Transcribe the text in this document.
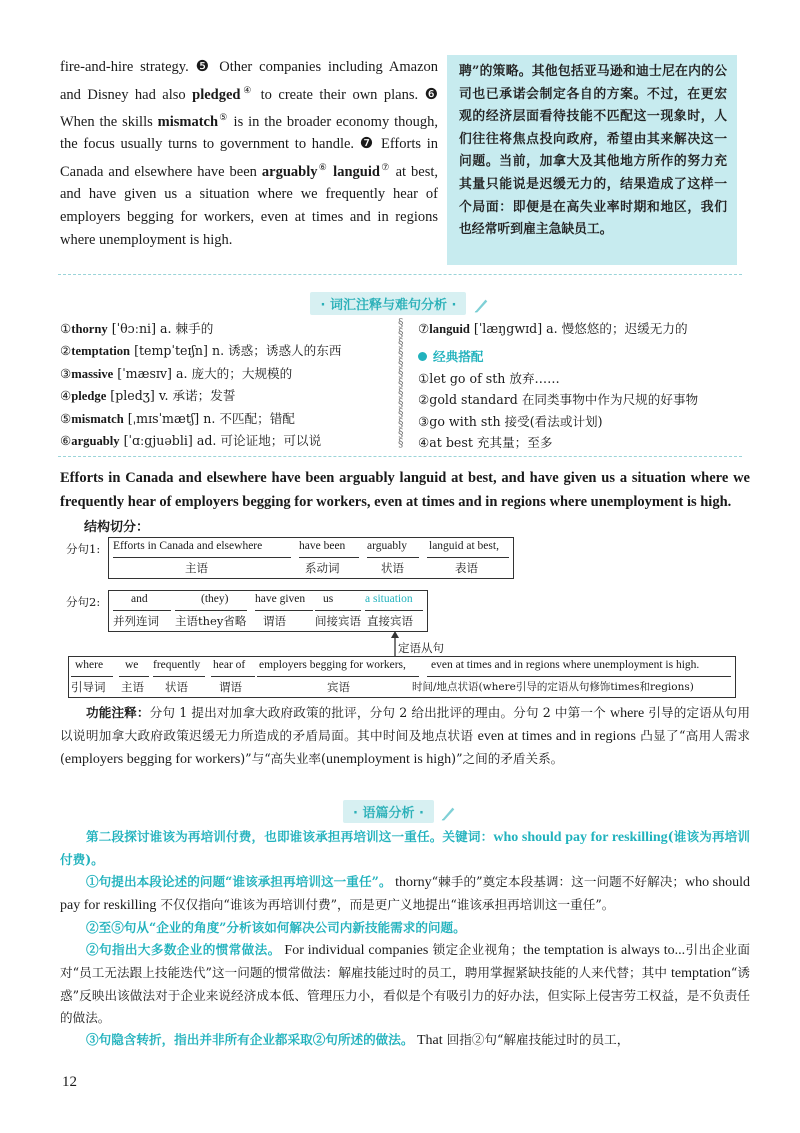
fire-and-hire strategy. ❺ Other companies including Amazon and Disney had also pledged④ to create their own plans. ❻ When the skills mismatch⑤ is in the broader economy though, the focus usually turns to government to handle. ❼ Efforts in Canada and elsewhere have been arguably⑥ languid⑦ at best, and have given us a situation where we frequently hear of employers begging for workers, even at times and in regions where unemployment is high.
聘”的策略。其他包括亚马逊和迪士尼在内的公司也已承诺会制定各自的方案。不过，在更宏观的经济层面看待技能不匹配这一现象时，人们往往将焦点投向政府，希望由其来解决这一问题。当前，加拿大及其他地方所作的努力充其量只能说是迟缓无力的，结果造成了这样一个局面：即便是在高失业率时期和地区，我们也经常听到雇主急缺员工。
· 词汇注释与难句分析 ·
①thorny [ˈθɔːni] a. 棘手的
②temptation [tempˈteɪʃn] n. 诱惑；诱惑人的东西
③massive [ˈmæsɪv] a. 庞大的；大规模的
④pledge [pledʒ] v. 承诺；发誓
⑤mismatch [ˌmɪsˈmætʃ] n. 不匹配；错配
⑥arguably [ˈɑːgjuəbli] ad. 可论证地；可以说
§
§
§
§
§
§
§
§
§
§
§
§
§
⑦languid [ˈlæŋgwɪd] a. 慢悠悠的；迟缓无力的
经典搭配
①let go of sth 放弃……
②gold standard 在同类事物中作为尺规的好事物
③go with sth 接受(看法或计划)
④at best 充其量；至多
Efforts in Canada and elsewhere have been arguably languid at best, and have given us a situation where we frequently hear of employers begging for workers, even at times and in regions where unemployment is high.
结构切分：
分句1: Efforts in Canada and elsewhere
主语
have been
系动词
arguably
状语
languid at best,
表语
分句2:	and
并列连词
(they)
主语they省略
have given
谓语
us
间接宾语
a situation
直接宾语
定语从句
where
引导词
we
主语
frequently
状语
hear of
谓语
employers begging for workers,
宾语
even at times and in regions where unemployment is high.
时间/地点状语(where引导的定语从句修饰times和regions)
功能注释：分句 1 提出对加拿大政府政策的批评，分句 2 给出批评的理由。分句 2 中第一个 where 引导的定语从句用以说明加拿大政府政策迟缓无力所造成的矛盾局面。其中时间及地点状语 even at times and in regions 凸显了“高用人需求(employers begging for workers)”与“高失业率(unemployment is high)”之间的矛盾关系。
· 语篇分析 ·
第二段探讨谁该为再培训付费，也即谁该承担再培训这一重任。关键词：who should pay for reskilling(谁该为再培训付费)。
①句提出本段论述的问题“谁该承担再培训这一重任”。 thorny“棘手的”奠定本段基调：这一问题不好解决；who should pay for reskilling 不仅仅指向“谁该为再培训付费”，而是更广义地提出“谁该承担再培训这一重任”。
②至⑤句从“企业的角度”分析该如何解决公司内新技能需求的问题。
②句指出大多数企业的惯常做法。 For individual companies 锁定企业视角；the temptation is always to...引出企业面对“员工无法跟上技能迭代”这一问题的惯常做法：解雇技能过时的员工，聘用掌握紧缺技能的人来代替；其中 temptation“诱惑”反映出该做法对于企业来说经济成本低、管理压力小，看似是个有吸引力的好办法，但实际上侵害劳工权益，是不负责任的做法。
③句隐含转折，指出并非所有企业都采取②句所述的做法。 That 回指②句“解雇技能过时的员工，
12
